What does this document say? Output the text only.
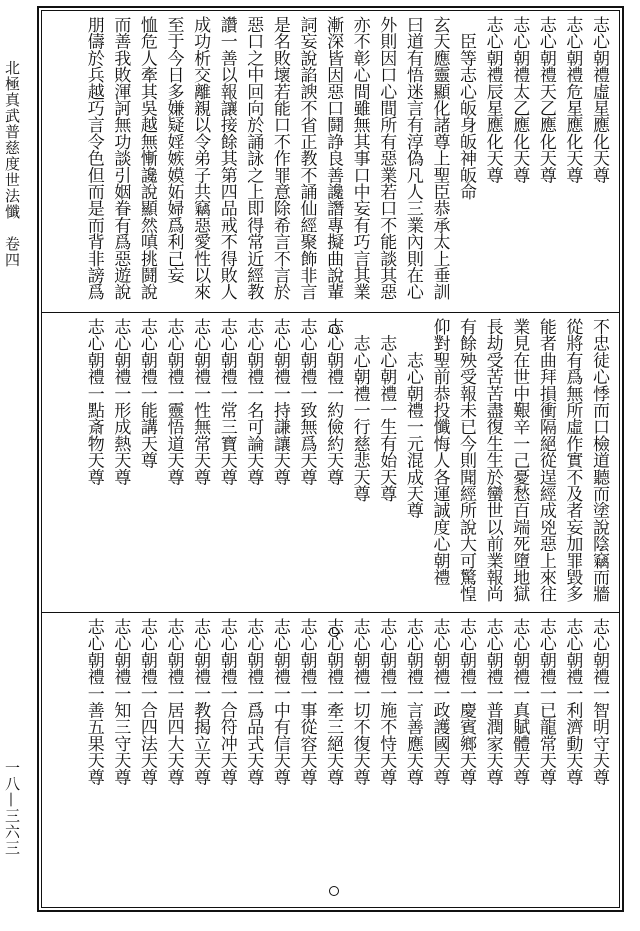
北極真武普慈度世法懺　卷四
一八—三六三
志心朝禮虛星應化天尊
志心朝禮危星應化天尊
志心朝禮天乙應化天尊
志心朝禮太乙應化天尊
志心朝禮辰星應化天尊
　臣等志心皈身皈神皈命
玄天應靈顯化諸尊上聖臣恭承太上垂訓
曰道有悟迷言有淳偽凡人三業內則在心
外則因口心間所有惡業若口不能談其惡
亦不彰心間雖無其事口中妄有巧言其業
漸深皆因惡口鬪諍良善讒譖專擬曲說輩
詞妄說諂諛不省正教不誦仙經聚飾非言
是名敗壞若能口不作罪意除希言不言於
惡口之中回向於誦詠之上即得常近經教
讚一善以報讓接餘其第四品戒不得敗人
成功析交離親以令弟子共竊惡愛性以來
至于今日多嫌疑婬嫉嫫妬婦爲利己妄
恤危人牽其吳越無慚讒說顯然嗔挑鬪說
而善我敗渾訶無功談引姻眷有爲惡遊說
朋儔於兵越巧言令色但而是而背非謗爲
不忠徒心悸而口檢道聽而塗說陰竊而牆
從將有爲無所虛作實不及者妄加罪毀多
能者曲拜損衝隔絕從逞經成兇惡上來往
業見在世中艱辛一己憂愁百端死墮地獄
長劫受苦苦盡復生生於蠻世以前業報尚
有餘殃受報未已今則聞經所說大可驚惶
仰對聖前恭投懺悔人各運誠度心朝禮
　　志心朝禮一元混成天尊
　志心朝禮一生有始天尊
　志心朝禮一行慈悲天尊
志心朝禮一約儉約天尊
志心朝禮一致無爲天尊
志心朝禮一持謙讓天尊
志心朝禮一名可論天尊
志心朝禮一常三寶天尊
志心朝禮一性無常天尊
志心朝禮一靈悟道天尊
志心朝禮一能講天尊
志心朝禮一形成熱天尊
志心朝禮一點斎物天尊
志心朝禮一智明守天尊
志心朝禮一利濟動天尊
志心朝禮一已龍常天尊
志心朝禮一真賦體天尊
志心朝禮一普潤家天尊
志心朝禮一慶賓鄉天尊
志心朝禮一政護國天尊
志心朝禮一言善應天尊
志心朝禮一施不恃天尊
志心朝禮一切不復天尊
志心朝禮一牽三絕天尊
志心朝禮一事從容天尊
志心朝禮一中有信天尊
志心朝禮一爲品式天尊
志心朝禮一合符冲天尊
志心朝禮一教揭立天尊
志心朝禮一居四大天尊
志心朝禮一合四法天尊
志心朝禮一知三守天尊
志心朝禮一善五果天尊
